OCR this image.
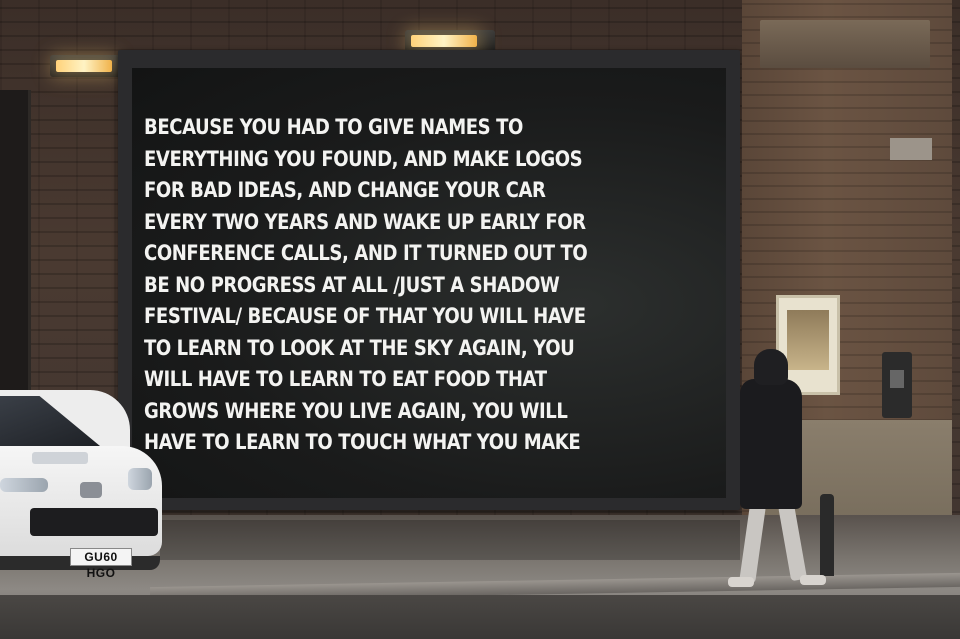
BECAUSE YOU HAD TO GIVE NAMES TO
EVERYTHING YOU FOUND, AND MAKE LOGOS
FOR BAD IDEAS, AND CHANGE YOUR CAR
EVERY TWO YEARS AND WAKE UP EARLY FOR
CONFERENCE CALLS, AND IT TURNED OUT TO
BE NO PROGRESS AT ALL /JUST A SHADOW
FESTIVAL/ BECAUSE OF THAT YOU WILL HAVE
TO LEARN TO LOOK AT THE SKY AGAIN, YOU
WILL HAVE TO LEARN TO EAT FOOD THAT
GROWS WHERE YOU LIVE AGAIN, YOU WILL
HAVE TO LEARN TO TOUCH WHAT YOU MAKE
GU60 HGO
